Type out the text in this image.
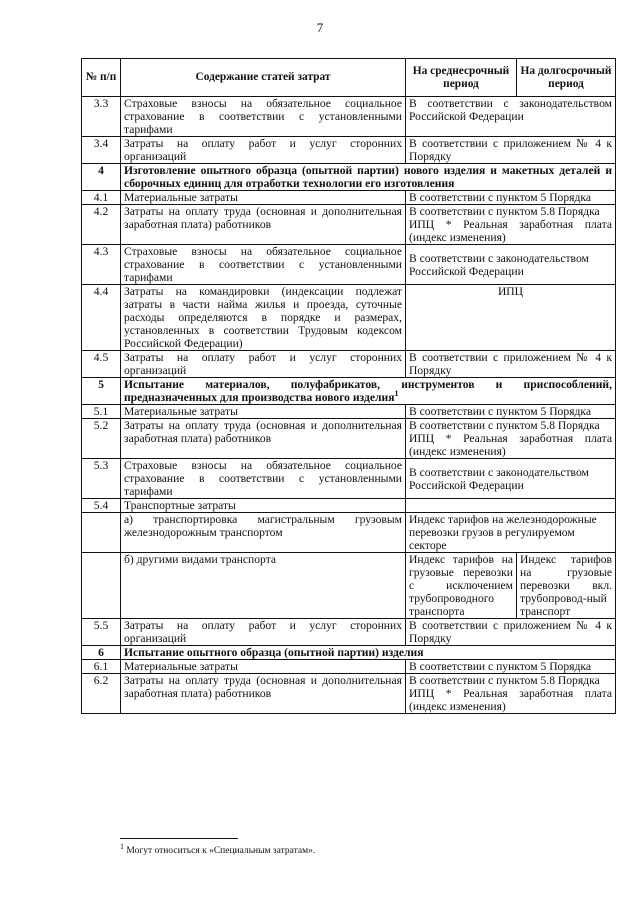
7
№ п/п	Содержание статей затрат	На среднесрочный период	На долгосрочный период
3.3	Страховые взносы на обязательное социальное страхование в соответствии с установленными тарифами	В соответствии с законодательством Российской Федерации	
3.4	Затраты на оплату работ и услуг сторонних организаций	В соответствии с приложением № 4 к Порядку	
4	Изготовление опытного образца (опытной партии) нового изделия и макетных деталей и сборочных единиц для отработки технологии его изготовления		
4.1	Материальные затраты	В соответствии с пунктом 5 Порядка	
4.2	Затраты на оплату труда (основная и дополнительная заработная плата) работников	В соответствии с пунктом 5.8 Порядка
ИПЦ * Реальная заработная плата (индекс изменения)	

4.3	Страховые взносы на обязательное социальное страхование в соответствии с установленными тарифами	В соответствии с законодательством Российской Федерации	
4.4	Затраты на командировки (индексации подлежат затраты в части найма жилья и проезда, суточные расходы определяются в порядке и размерах, установленных в соответствии Трудовым кодексом Российской Федерации)	ИПЦ	
4.5	Затраты на оплату работ и услуг сторонних организаций	В соответствии с приложением № 4 к Порядку	
5	Испытание материалов, полуфабрикатов, инструментов и приспособлений, предназначенных для производства нового изделия$^1$
5.1	Материальные затраты	В соответствии с пунктом 5 Порядка	
5.2	Затраты на оплату труда (основная и дополнительная заработная плата) работников	В соответствии с пунктом 5.8 Порядка
ИПЦ * Реальная заработная плата (индекс изменения)	

5.3	Страховые взносы на обязательное социальное страхование в соответствии с установленными тарифами	В соответствии с законодательством Российской Федерации	
5.4	Транспортные затраты		
	а) транспортировка магистральным грузовым железнодорожным транспортом	Индекс тарифов на железнодорожные перевозки грузов в регулируемом секторе	
	б) другими видами транспорта	Индекс тарифов на грузовые перевозки с исключением трубопроводного транспорта	Индекс тарифов на грузовые перевозки вкл. трубопровод-ный транспорт
5.5	Затраты на оплату работ и услуг сторонних организаций	В соответствии с приложением № 4 к Порядку	
6	Испытание опытного образца (опытной партии) изделия		
6.1	Материальные затраты	В соответствии с пунктом 5 Порядка	
6.2	Затраты на оплату труда (основная и дополнительная заработная плата) работников	В соответствии с пунктом 5.8 Порядка
ИПЦ * Реальная заработная плата (индекс изменения)	
$^1$ Могут относиться к «Специальным затратам».
